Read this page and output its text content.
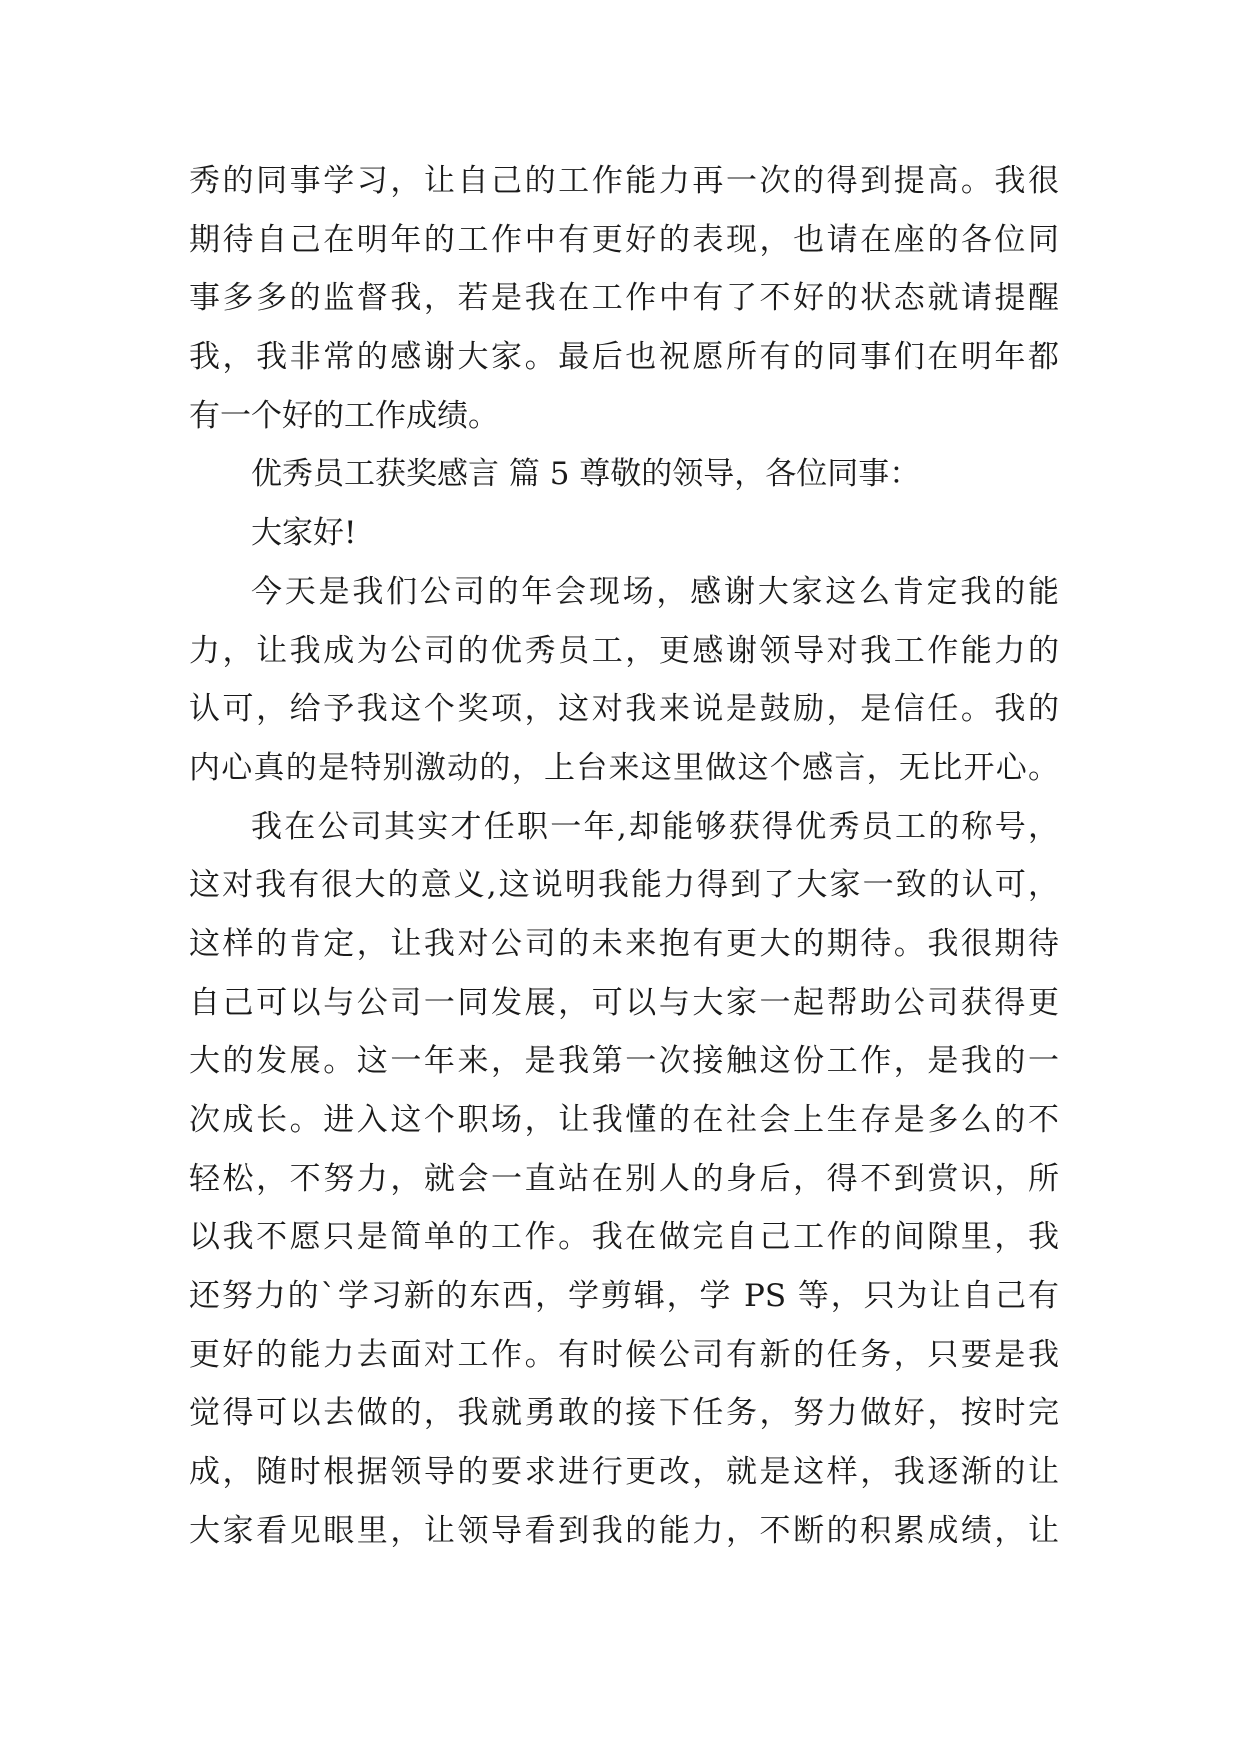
秀的同事学习，让自己的工作能力再一次的得到提高。我很
期待自己在明年的工作中有更好的表现，也请在座的各位同
事多多的监督我，若是我在工作中有了不好的状态就请提醒
我，我非常的感谢大家。最后也祝愿所有的同事们在明年都
有一个好的工作成绩。
优秀员工获奖感言 篇 5 尊敬的领导，各位同事：
大家好!
今天是我们公司的年会现场，感谢大家这么肯定我的能
力，让我成为公司的优秀员工，更感谢领导对我工作能力的
认可，给予我这个奖项，这对我来说是鼓励，是信任。我的
内心真的是特别激动的，上台来这里做这个感言，无比开心。
我在公司其实才任职一年,却能够获得优秀员工的称号，
这对我有很大的意义,这说明我能力得到了大家一致的认可，
这样的肯定，让我对公司的未来抱有更大的期待。我很期待
自己可以与公司一同发展，可以与大家一起帮助公司获得更
大的发展。这一年来，是我第一次接触这份工作，是我的一
次成长。进入这个职场，让我懂的在社会上生存是多么的不
轻松，不努力，就会一直站在别人的身后，得不到赏识，所
以我不愿只是简单的工作。我在做完自己工作的间隙里，我
还努力的`学习新的东西，学剪辑，学 PS 等，只为让自己有
更好的能力去面对工作。有时候公司有新的任务，只要是我
觉得可以去做的，我就勇敢的接下任务，努力做好，按时完
成，随时根据领导的要求进行更改，就是这样，我逐渐的让
大家看见眼里，让领导看到我的能力，不断的积累成绩，让
